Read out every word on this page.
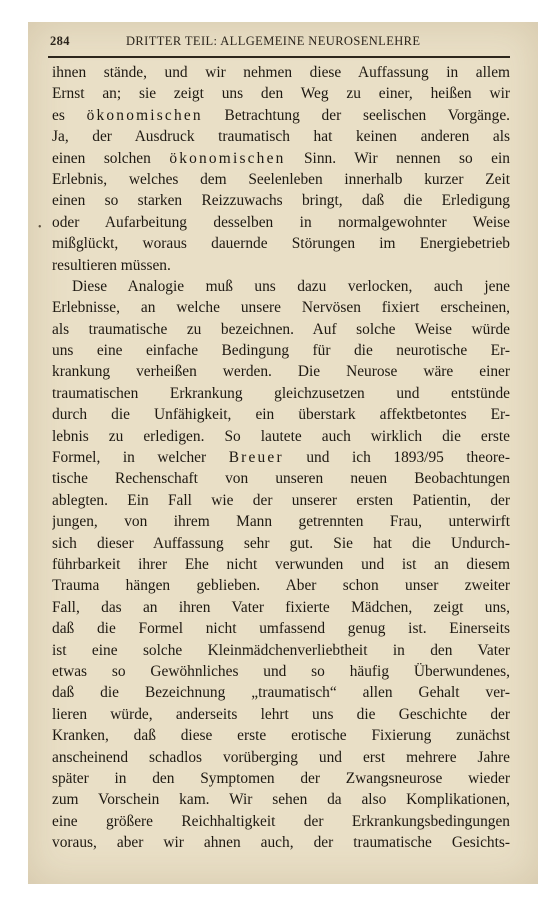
284	DRITTER TEIL: ALLGEMEINE NEUROSENLEHRE
•
ihnen stände, und wir nehmen diese Auffassung in allem
Ernst an; sie zeigt uns den Weg zu einer, heißen wir
es ökonomischen Betrachtung der seelischen Vorgänge.
Ja, der Ausdruck traumatisch hat keinen anderen als
einen solchen ökonomischen Sinn. Wir nennen so ein
Erlebnis, welches dem Seelenleben innerhalb kurzer Zeit
einen so starken Reizzuwachs bringt, daß die Erledigung
oder Aufarbeitung desselben in normalgewohnter Weise
mißglückt, woraus dauernde Störungen im Energiebetrieb
resultieren müssen.
Diese Analogie muß uns dazu verlocken, auch jene
Erlebnisse, an welche unsere Nervösen fixiert erscheinen,
als traumatische zu bezeichnen. Auf solche Weise würde
uns eine einfache Bedingung für die neurotische Er-
krankung verheißen werden. Die Neurose wäre einer
traumatischen Erkrankung gleichzusetzen und entstünde
durch die Unfähigkeit, ein überstark affektbetontes Er-
lebnis zu erledigen. So lautete auch wirklich die erste
Formel, in welcher Breuer und ich 1893/95 theore-
tische Rechenschaft von unseren neuen Beobachtungen
ablegten. Ein Fall wie der unserer ersten Patientin, der
jungen, von ihrem Mann getrennten Frau, unterwirft
sich dieser Auffassung sehr gut. Sie hat die Undurch-
führbarkeit ihrer Ehe nicht verwunden und ist an diesem
Trauma hängen geblieben. Aber schon unser zweiter
Fall, das an ihren Vater fixierte Mädchen, zeigt uns,
daß die Formel nicht umfassend genug ist. Einerseits
ist eine solche Kleinmädchenverliebtheit in den Vater
etwas so Gewöhnliches und so häufig Überwundenes,
daß die Bezeichnung „traumatisch“ allen Gehalt ver-
lieren würde, anderseits lehrt uns die Geschichte der
Kranken, daß diese erste erotische Fixierung zunächst
anscheinend schadlos vorüberging und erst mehrere Jahre
später in den Symptomen der Zwangsneurose wieder
zum Vorschein kam. Wir sehen da also Komplikationen,
eine größere Reichhaltigkeit der Erkrankungsbedingungen
voraus, aber wir ahnen auch, der traumatische Gesichts-
